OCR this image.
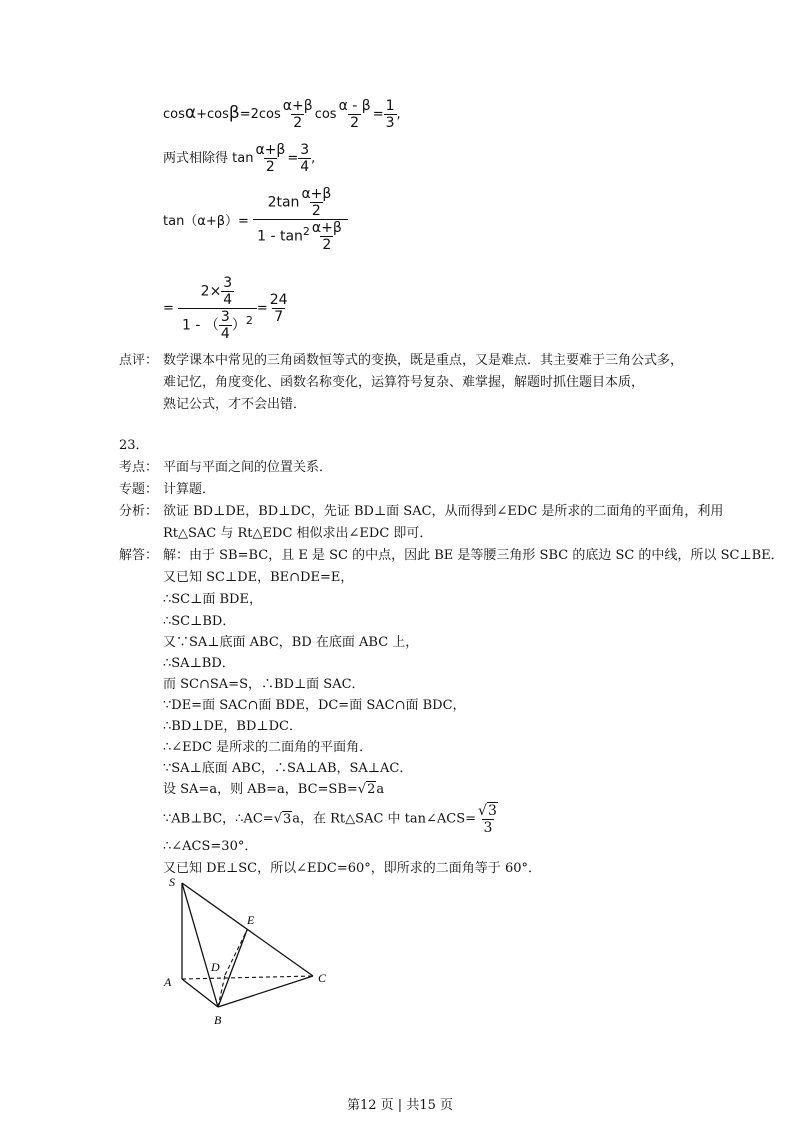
$\cos\alpha+\cos\beta=2\cos \frac{\alpha+\beta}{2}$ $\cos \frac{\alpha - \beta}{2} = \frac{1}{3}$ ,
两式相除得 $\tan \frac{\alpha+\beta}{2} = \frac{3}{4}$ ,
$\tan(\alpha+\beta)= \frac{2\tan \frac{\alpha+\beta}{2}}{1 - \tan^2 \frac{\alpha+\beta}{2}}$
= $\frac{2\times \frac{3}{4}}{1 - ( \frac{3}{4} )^2} = \frac{24}{7}$
点评： 数学课本中常见的三角函数恒等式的变换，既是重点，又是难点．其主要难于三角公式多，
难记忆，角度变化、函数名称变化，运算符号复杂、难掌握，解题时抓住题目本质，
熟记公式，才不会出错．
23．
考点： 平面与平面之间的位置关系．
专题： 计算题．
分析： 欲证 BD⊥DE，BD⊥DC，先证 BD⊥面 SAC，从而得到∠EDC 是所求的二面角的平面角，利用
Rt△SAC 与 Rt△EDC 相似求出∠EDC 即可．
解答： 解：由于 SB=BC，且 E 是 SC 的中点，因此 BE 是等腰三角形 SBC 的底边 SC 的中线，所以 SC⊥BE．
又已知 SC⊥DE，BE∩DE=E，
∴SC⊥面 BDE，
∴SC⊥BD．
又∵SA⊥底面 ABC，BD 在底面 ABC 上，
∴SA⊥BD．
而 SC∩SA=S，∴BD⊥面 SAC．
∵DE=面 SAC∩面 BDE，DC=面 SAC∩面 BDC，
∴BD⊥DE，BD⊥DC．
∴∠EDC 是所求的二面角的平面角．
∵SA⊥底面 ABC，∴SA⊥AB，SA⊥AC．
设 SA=a，则 AB=a，BC=SB=√2a
∵AB⊥BC，∴AC=√3a，在 Rt△SAC 中 tan∠ACS= $\frac{√3}{3}$
∴∠ACS=30°．
又已知 DE⊥SC，所以∠EDC=60°，即所求的二面角等于 60°．
S
E
D
A	C
B
第12 页 | 共15 页
